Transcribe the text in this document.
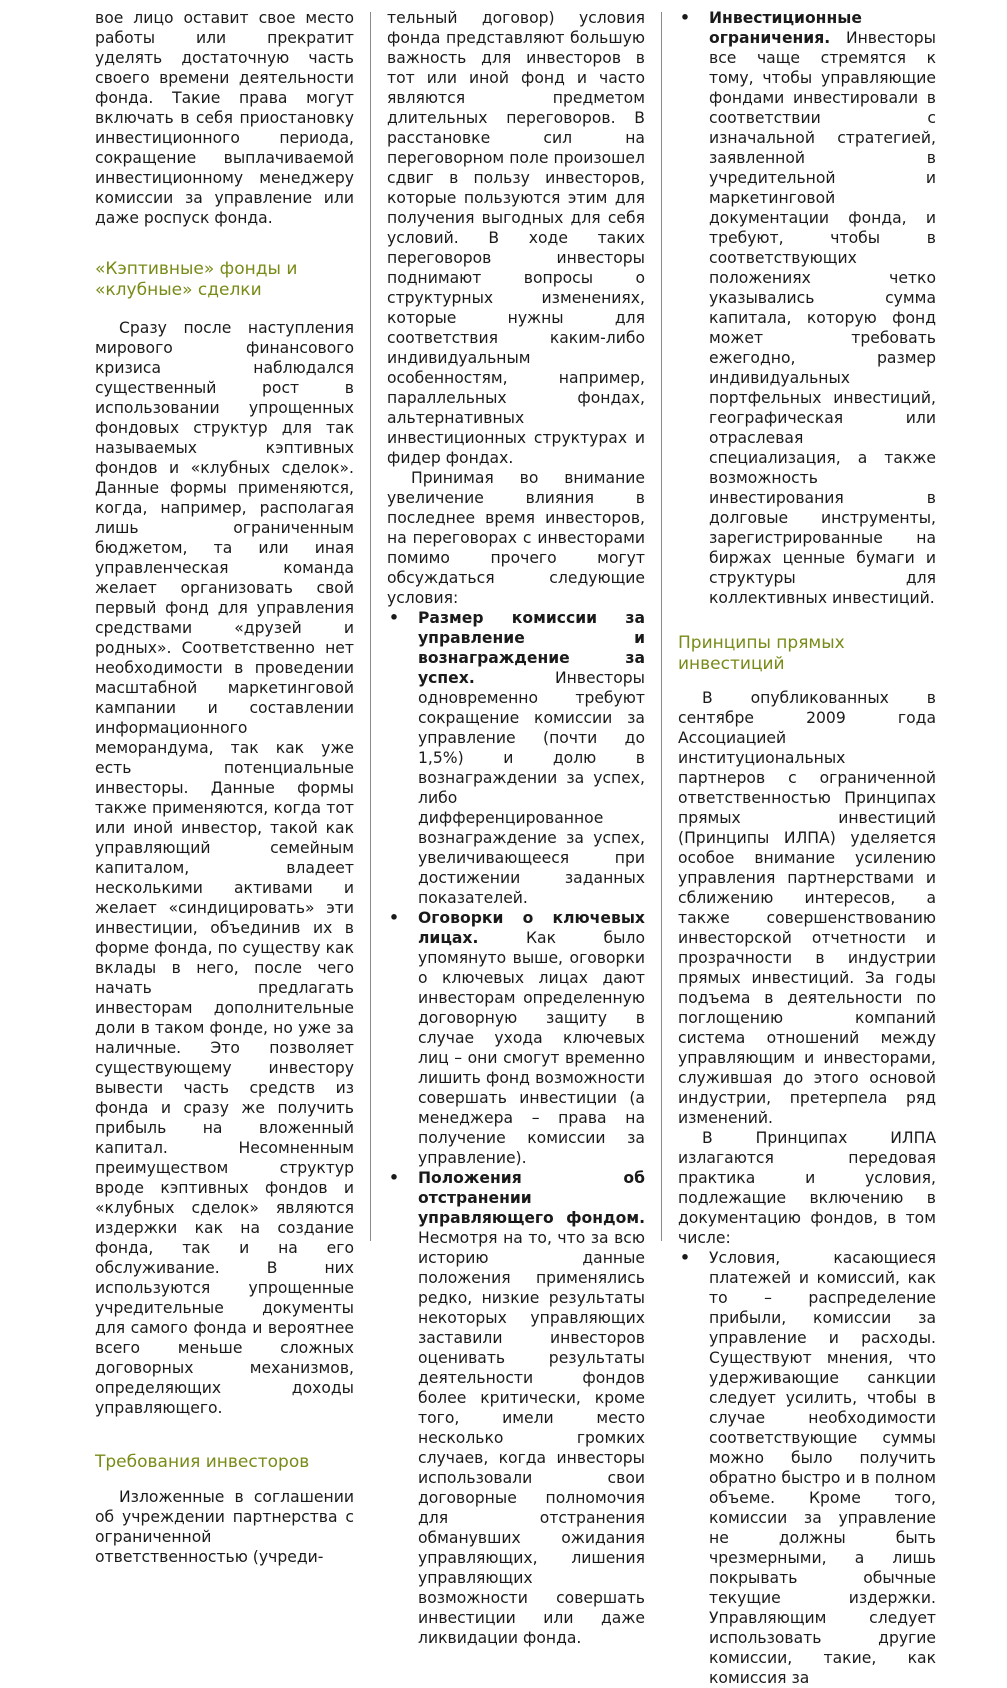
вое лицо оставит свое место работы или прекратит уделять достаточную часть своего времени деятельности фонда. Такие права могут включать в себя приостановку инвестиционного периода, сокращение выплачиваемой инвестиционному менеджеру комиссии за управление или даже роспуск фонда.

«Кэптивные» фонды и «клубные» сделки

Сразу после наступления мирового финансового кризиса наблюдался существенный рост в использовании упрощенных фондовых структур для так называемых кэптивных фондов и «клубных сделок». Данные формы применяются, когда, например, располагая лишь ограниченным бюджетом, та или иная управленческая команда желает организовать свой первый фонд для управления средствами «друзей и родных». Соответственно нет необходимости в проведении масштабной маркетинговой кампании и составлении информационного меморандума, так как уже есть потенциальные инвесторы. Данные формы также применяются, когда тот или иной инвестор, такой как управляющий семейным капиталом, владеет несколькими активами и желает «синдицировать» эти инвестиции, объединив их в форме фонда, по существу как вклады в него, после чего начать предлагать инвесторам дополнительные доли в таком фонде, но уже за наличные. Это позволяет существующему инвестору вывести часть средств из фонда и сразу же получить прибыль на вложенный капитал. Несомненным преимуществом структур вроде кэптивных фондов и «клубных сделок» являются издержки как на создание фонда, так и на его обслуживание. В них используются упрощенные учредительные документы для самого фонда и вероятнее всего меньше сложных договорных механизмов, определяющих доходы управляющего.

Требования инвесторов

Изложенные в соглашении об учреждении партнерства с ограниченной ответственностью (учреди-

тельный договор) условия фонда представляют большую важность для инвесторов в тот или иной фонд и часто являются предметом длительных переговоров. В расстановке сил на переговорном поле произошел сдвиг в пользу инвесторов, которые пользуются этим для получения выгодных для себя условий. В ходе таких переговоров инвесторы поднимают вопросы о структурных изменениях, которые нужны для соответствия каким-либо индивидуальным особенностям, например, параллельных фондах, альтернативных инвестиционных структурах и фидер фондах.

Принимая во внимание увеличение влияния в последнее время инвесторов, на переговорах с инвесторами помимо прочего могут обсуждаться следующие условия:

• Размер комиссии за управление и вознаграждение за успех. Инвесторы одновременно требуют сокращение комиссии за управление (почти до 1,5%) и долю в вознаграждении за успех, либо дифференцированное вознаграждение за успех, увеличивающееся при достижении заданных показателей.
• Оговорки о ключевых лицах. Как было упомянуто выше, оговорки о ключевых лицах дают инвесторам определенную договорную защиту в случае ухода ключевых лиц – они смогут временно лишить фонд возможности совершать инвестиции (а менеджера – права на получение комиссии за управление).
• Положения об отстранении управляющего фондом. Несмотря на то, что за всю историю данные положения применялись редко, низкие результаты некоторых управляющих заставили инвесторов оценивать результаты деятельности фондов более критически, кроме того, имели место несколько громких случаев, когда инвесторы использовали свои договорные полномочия для отстранения обманувших ожидания управляющих, лишения управляющих возможности совершать инвестиции или даже ликвидации фонда.
• Инвестиционные ограничения. Инвесторы все чаще стремятся к тому, чтобы управляющие фондами инвестировали в соответствии с изначальной стратегией, заявленной в учредительной и маркетинговой документации фонда, и требуют, чтобы в соответствующих положениях четко указывались сумма капитала, которую фонд может требовать ежегодно, размер индивидуальных портфельных инвестиций, географическая или отраслевая специализация, а также возможность инвестирования в долговые инструменты, зарегистрированные на биржах ценные бумаги и структуры для коллективных инвестиций.
Принципы прямых инвестиций

В опубликованных в сентябре 2009 года Ассоциацией институциональных партнеров с ограниченной ответственностью Принципах прямых инвестиций (Принципы ИЛПА) уделяется особое внимание усилению управления партнерствами и сближению интересов, а также совершенствованию инвесторской отчетности и прозрачности в индустрии прямых инвестиций. За годы подъема в деятельности по поглощению компаний система отношений между управляющим и инвесторами, служившая до этого основой индустрии, претерпела ряд изменений.

В Принципах ИЛПА излагаются передовая практика и условия, подлежащие включению в документацию фондов, в том числе:

• Условия, касающиеся платежей и комиссий, как то – распределение прибыли, комиссии за управление и расходы. Существуют мнения, что удерживающие санкции следует усилить, чтобы в случае необходимости соответствующие суммы можно было получить обратно быстро и в полном объеме. Кроме того, комиссии за управление не должны быть чрезмерными, а лишь покрывать обычные текущие издержки. Управляющим следует использовать другие комиссии, такие, как комиссия за
